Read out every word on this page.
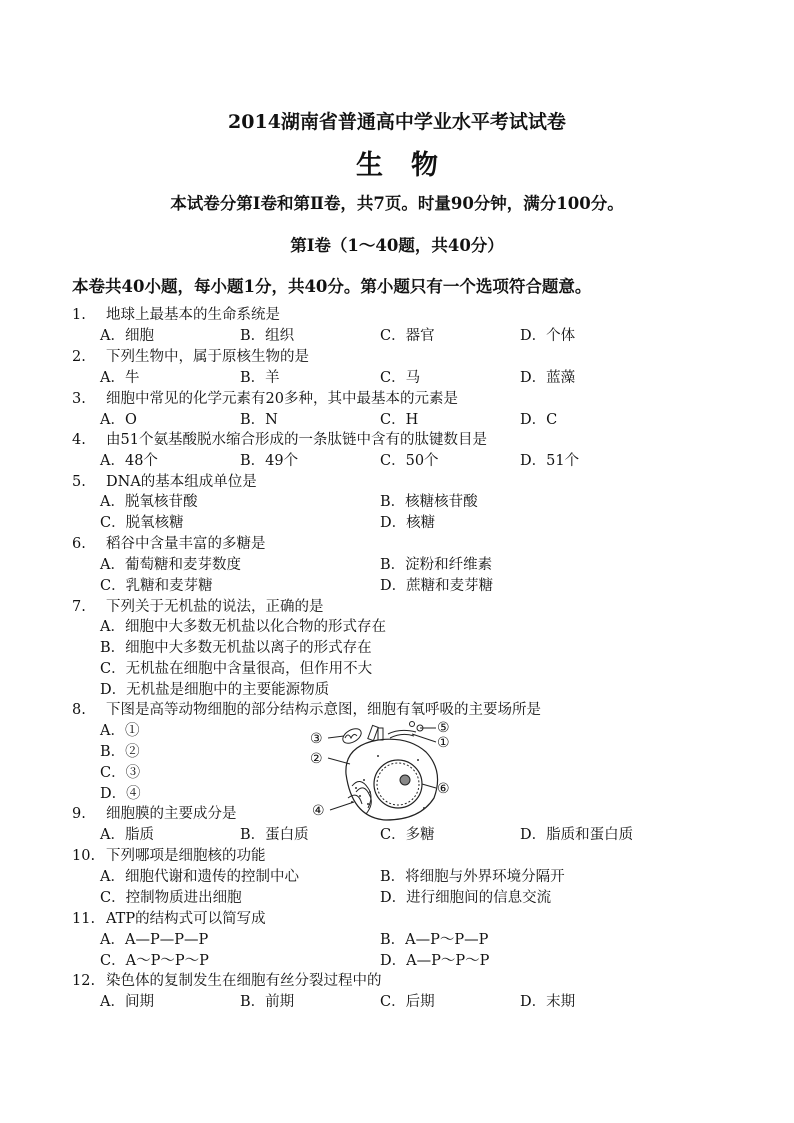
2014湖南省普通高中学业水平考试试卷
生物
本试卷分第Ⅰ卷和第Ⅱ卷，共7页。时量90分钟，满分100分。
第Ⅰ卷（1～40题，共40分）
本卷共40小题，每小题1分，共40分。第小题只有一个选项符合题意。
1. 地球上最基本的生命系统是
A．细胞	B．组织	C．器官	D．个体
2. 下列生物中，属于原核生物的是
A．牛	B．羊	C．马	D．蓝藻
3. 细胞中常见的化学元素有20多种，其中最基本的元素是
A．O	B．N	C．H	D．C
4. 由51个氨基酸脱水缩合形成的一条肽链中含有的肽键数目是
A．48个	B．49个	C．50个	D．51个
5. DNA的基本组成单位是
A．脱氧核苷酸	B．核糖核苷酸
C．脱氧核糖	D．核糖
6. 稻谷中含量丰富的多糖是
A．葡萄糖和麦芽数度	B．淀粉和纤维素
C．乳糖和麦芽糖	D．蔗糖和麦芽糖
7. 下列关于无机盐的说法，正确的是
A．细胞中大多数无机盐以化合物的形式存在
B．细胞中大多数无机盐以离子的形式存在
C．无机盐在细胞中含量很高，但作用不大
D．无机盐是细胞中的主要能源物质
8. 下图是高等动物细胞的部分结构示意图，细胞有氧呼吸的主要场所是
A．①
B．②
C．③
D．④
③
②
④
⑤
①
⑥
9. 细胞膜的主要成分是
A．脂质	B．蛋白质	C．多糖	D．脂质和蛋白质
10. 下列哪项是细胞核的功能
A．细胞代谢和遗传的控制中心	B．将细胞与外界环境分隔开
C．控制物质进出细胞	D．进行细胞间的信息交流
11. ATP的结构式可以简写成
A．A—P—P—P	B．A—P～P—P
C．A～P～P～P	D．A—P～P～P
12. 染色体的复制发生在细胞有丝分裂过程中的
A．间期	B．前期	C．后期	D．末期
